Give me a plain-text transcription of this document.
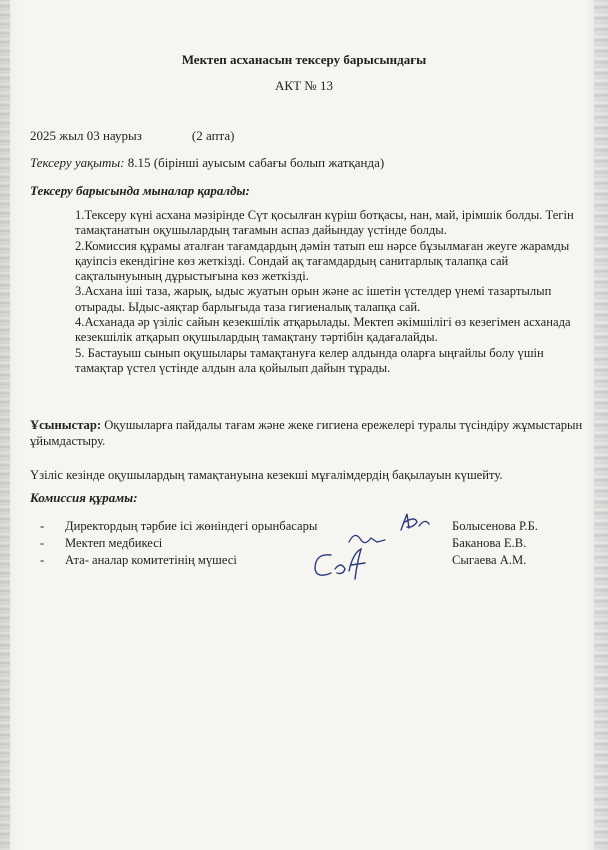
Мектеп асханасын тексеру барысындағы
АКТ № 13
2025 жыл 03 наурыз	(2 апта)
Тексеру уақыты: 8.15 (бірінші ауысым сабағы болып жатқанда)
Тексеру барысында мыналар қаралды:

1.Тексеру күні асхана мәзірінде Сүт қосылған күріш ботқасы, нан, май, ірімшік болды. Тегін тамақтанатын оқушылардың тағамын аспаз дайындау үстінде болды.

2.Комиссия құрамы аталған тағамдардың дәмін татып еш нәрсе бұзылмаған жеуге жарамды қауіпсіз екендігіне көз жеткізді. Сондай ақ тағамдардың санитарлық талапқа сай сақталынуының дұрыстығына көз жеткізді.

3.Асхана іші таза, жарық, ыдыс жуатын орын және ас ішетін үстелдер үнемі тазартылып отырады. Ыдыс-аяқтар барлығыда таза гигиеналық талапқа сай.

4.Асханада әр үзіліс сайын кезекшілік атқарылады. Мектеп әкімшілігі өз кезегімен асханада кезекшілік атқарып оқушылардың тамақтану тәртібін қадағалайды.

5. Бастауыш сынып оқушылары тамақтануға келер алдында оларға ыңғайлы болу үшін тамақтар үстел үстінде алдын ала қойылып дайын тұрады.

Ұсыныстар: Оқушыларға пайдалы тағам және жеке гигиена ережелері туралы түсіндіру жұмыстарын ұйымдастыру.

Үзіліс кезінде оқушылардың тамақтануына кезекші мұғалімдердің бақылауын күшейту.
Комиссия құрамы:
- Директордың тәрбие ісі жөніндегі орынбасары	Болысенова Р.Б.
- Мектеп медбикесі	Баканова Е.В.
- Ата- аналар комитетінің мүшесі	Сыгаева А.М.
